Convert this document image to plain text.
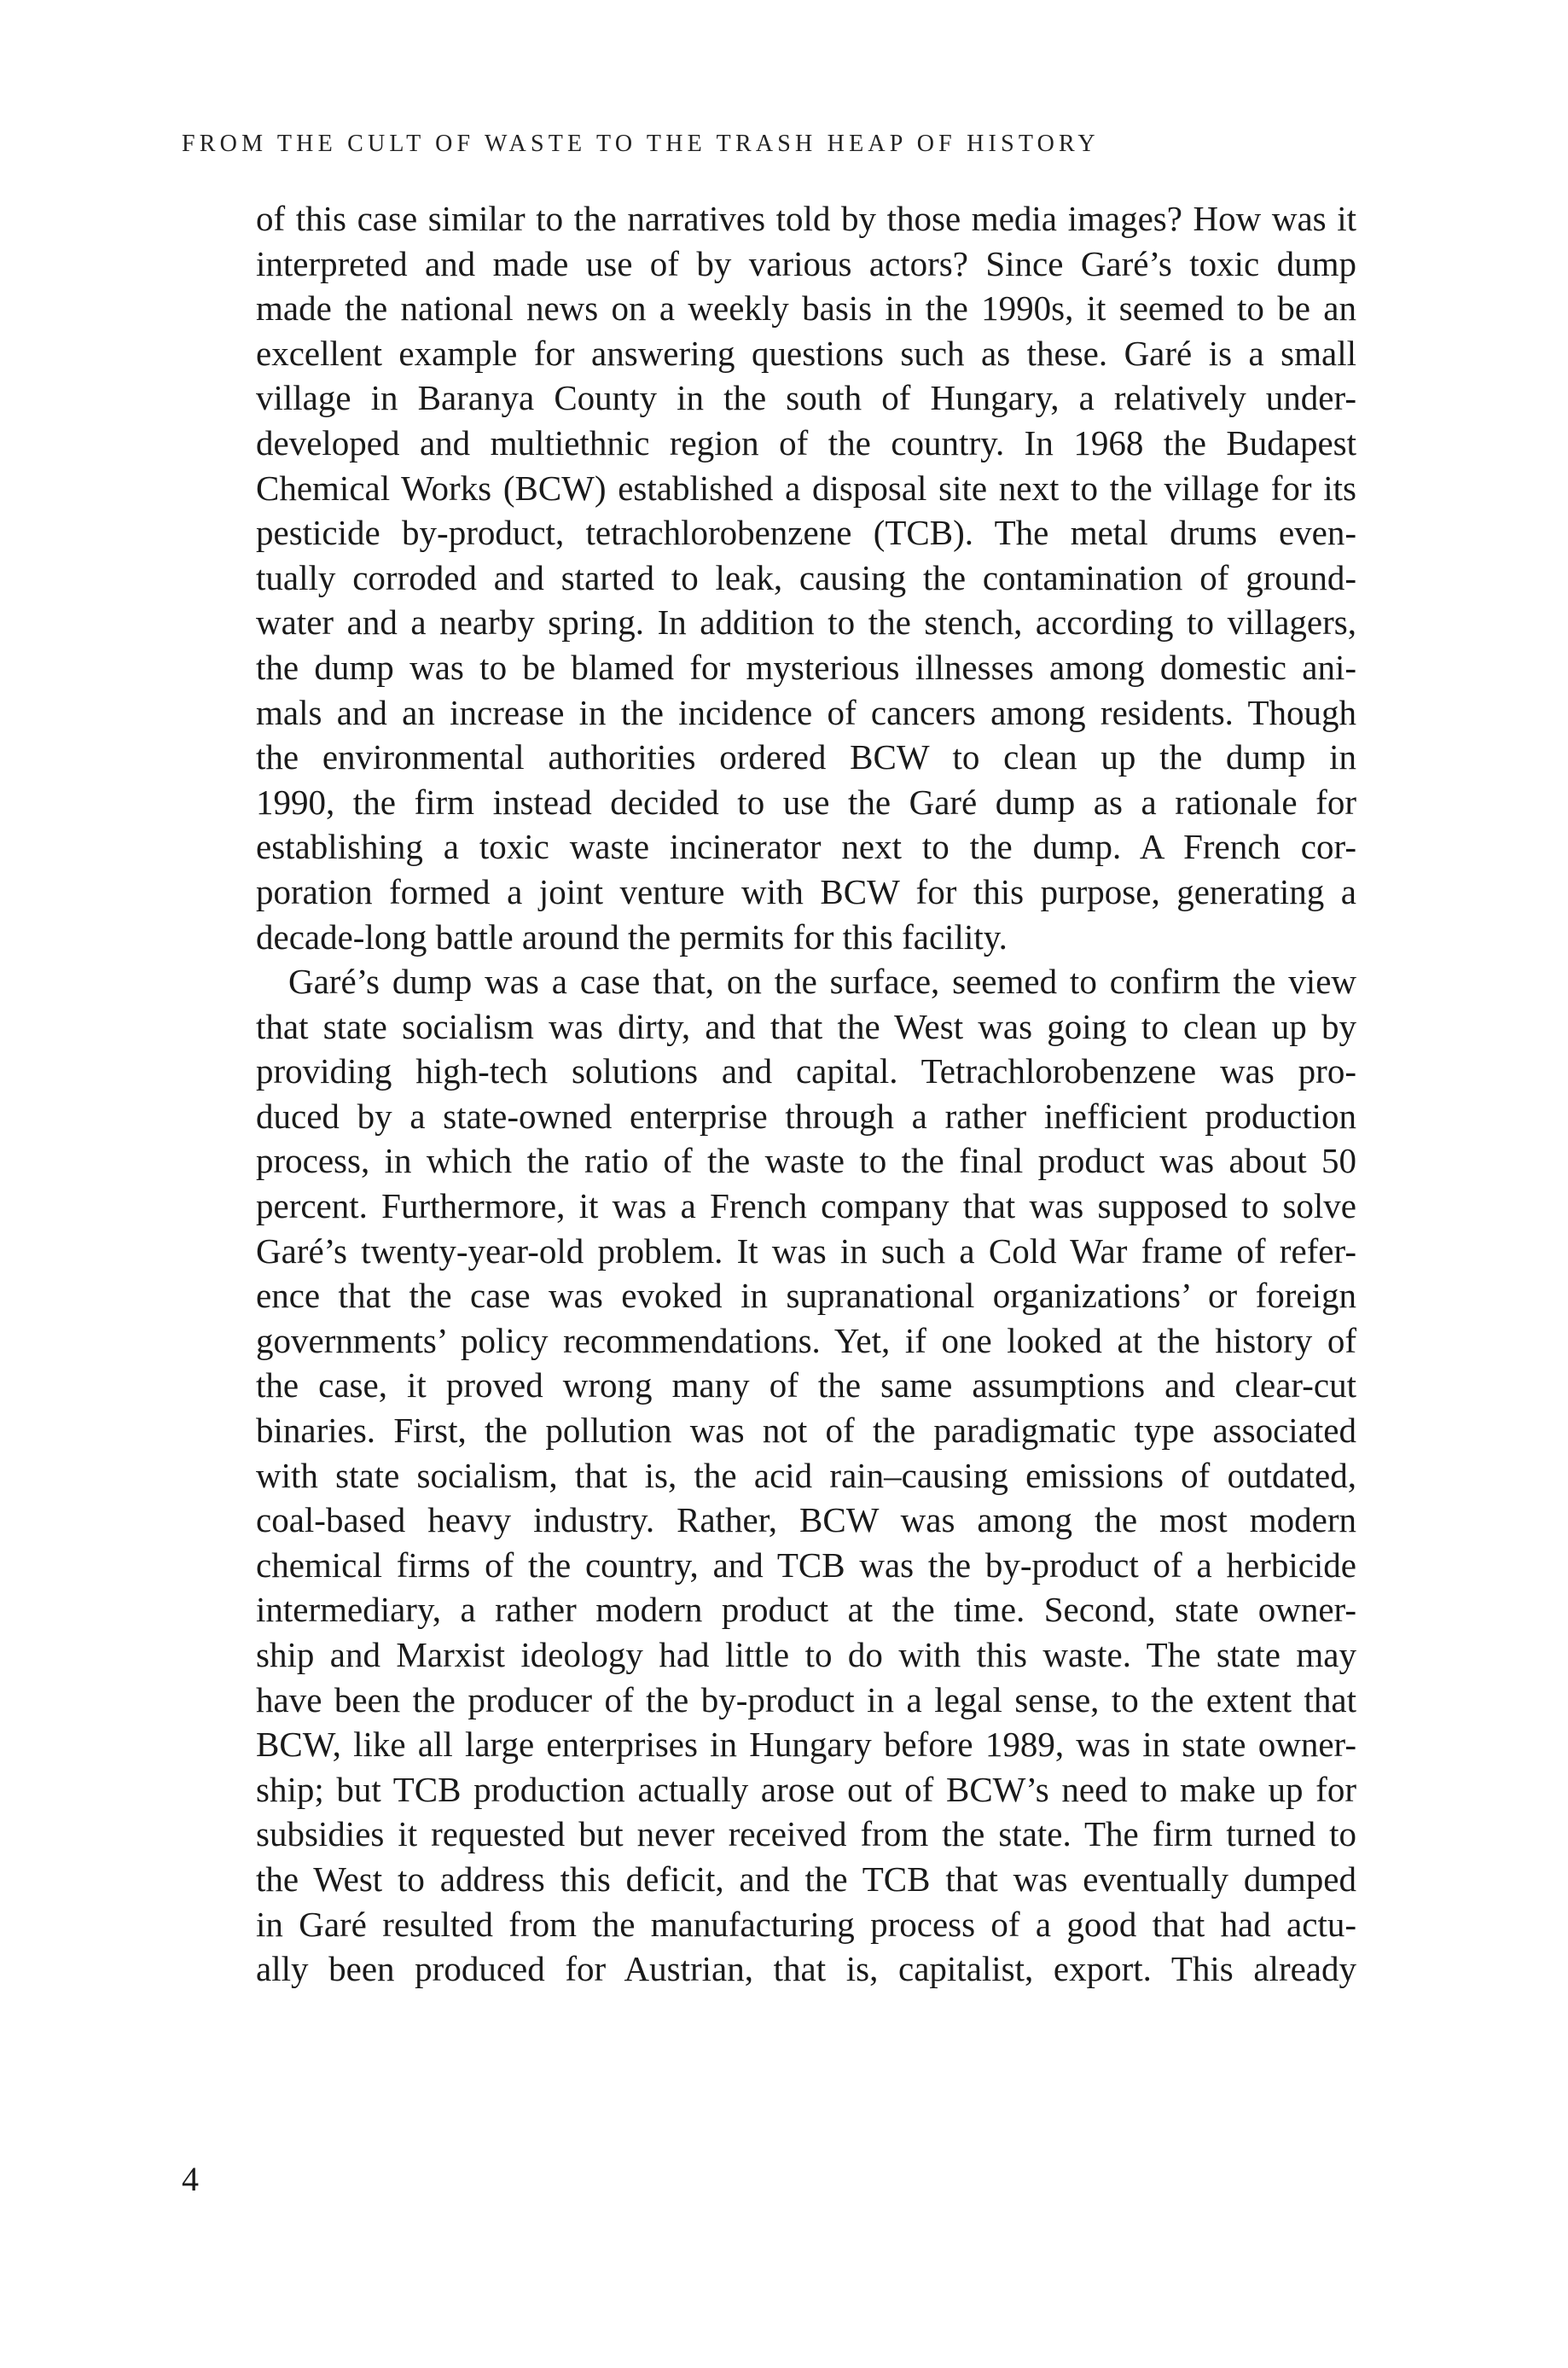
FROM THE CULT OF WASTE TO THE TRASH HEAP OF HISTORY
of this case similar to the narratives told by those media images? How was it
interpreted and made use of by various actors? Since Garé’s toxic dump
made the national news on a weekly basis in the 1990s, it seemed to be an
excellent example for answering questions such as these. Garé is a small
village in Baranya County in the south of Hungary, a relatively under-
developed and multiethnic region of the country. In 1968 the Budapest
Chemical Works (BCW) established a disposal site next to the village for its
pesticide by-product, tetrachlorobenzene (TCB). The metal drums even-
tually corroded and started to leak, causing the contamination of ground-
water and a nearby spring. In addition to the stench, according to villagers,
the dump was to be blamed for mysterious illnesses among domestic ani-
mals and an increase in the incidence of cancers among residents. Though
the environmental authorities ordered BCW to clean up the dump in
1990, the firm instead decided to use the Garé dump as a rationale for
establishing a toxic waste incinerator next to the dump. A French cor-
poration formed a joint venture with BCW for this purpose, generating a
decade-long battle around the permits for this facility.
Garé’s dump was a case that, on the surface, seemed to confirm the view
that state socialism was dirty, and that the West was going to clean up by
providing high-tech solutions and capital. Tetrachlorobenzene was pro-
duced by a state-owned enterprise through a rather inefficient production
process, in which the ratio of the waste to the final product was about 50
percent. Furthermore, it was a French company that was supposed to solve
Garé’s twenty-year-old problem. It was in such a Cold War frame of refer-
ence that the case was evoked in supranational organizations’ or foreign
governments’ policy recommendations. Yet, if one looked at the history of
the case, it proved wrong many of the same assumptions and clear-cut
binaries. First, the pollution was not of the paradigmatic type associated
with state socialism, that is, the acid rain–causing emissions of outdated,
coal-based heavy industry. Rather, BCW was among the most modern
chemical firms of the country, and TCB was the by-product of a herbicide
intermediary, a rather modern product at the time. Second, state owner-
ship and Marxist ideology had little to do with this waste. The state may
have been the producer of the by-product in a legal sense, to the extent that
BCW, like all large enterprises in Hungary before 1989, was in state owner-
ship; but TCB production actually arose out of BCW’s need to make up for
subsidies it requested but never received from the state. The firm turned to
the West to address this deficit, and the TCB that was eventually dumped
in Garé resulted from the manufacturing process of a good that had actu-
ally been produced for Austrian, that is, capitalist, export. This already
4
